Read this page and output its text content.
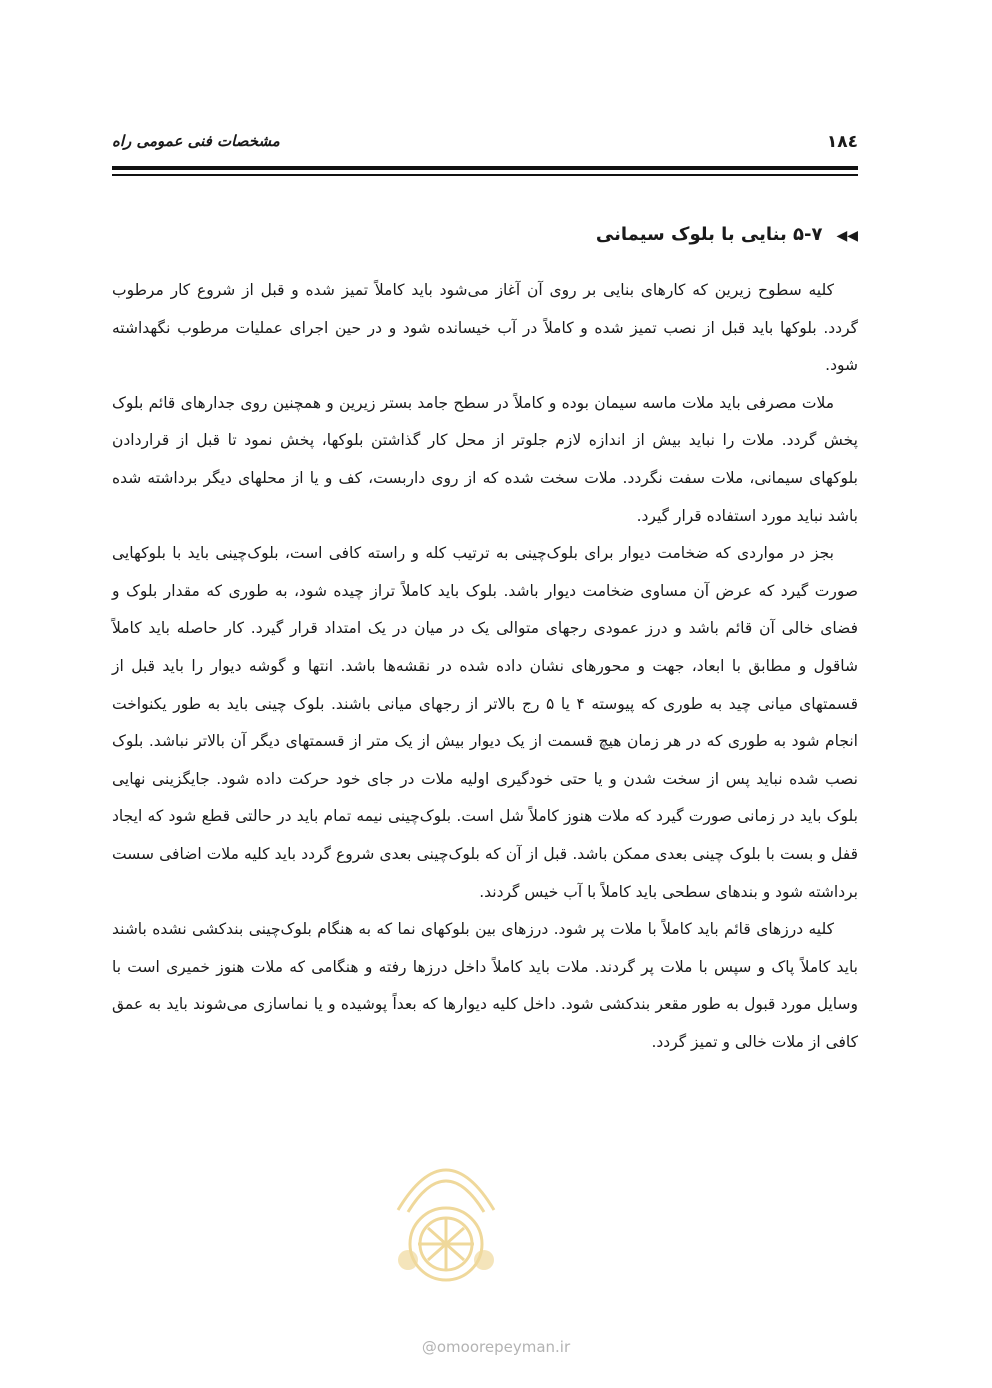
۱۸٤
مشخصات فنی عمومی راه
◀◀۵-۷ بنایی با بلوک سیمانی

کلیه سطوح زیرین که کارهای بنایی بر روی آن آغاز می‌شود باید کاملاً تمیز شده و قبل از شروع کار مرطوب گردد. بلوکها باید قبل از نصب تمیز شده و کاملاً در آب خیسانده شود و در حین اجرای عملیات مرطوب نگهداشته شود.

ملات مصرفی باید ملات ماسه سیمان بوده و کاملاً در سطح جامد بستر زیرین و همچنین روی جدارهای قائم بلوک پخش گردد. ملات را نباید بیش از اندازه لازم جلوتر از محل کار گذاشتن بلوکها، پخش نمود تا قبل از قراردادن بلوکهای سیمانی، ملات سفت نگردد. ملات سخت شده که از روی داربست، کف و یا از محلهای دیگر برداشته شده باشد نباید مورد استفاده قرار گیرد.

بجز در مواردی که ضخامت دیوار برای بلوک‌چینی به ترتیب کله و راسته کافی است، بلوک‌چینی باید با بلوکهایی صورت گیرد که عرض آن مساوی ضخامت دیوار باشد. بلوک باید کاملاً تراز چیده شود، به طوری که مقدار بلوک و فضای خالی آن قائم باشد و درز عمودی رجهای متوالی یک در میان در یک امتداد قرار گیرد. کار حاصله باید کاملاً شاقول و مطابق با ابعاد، جهت و محورهای نشان داده شده در نقشه‌ها باشد. انتها و گوشه دیوار را باید قبل از قسمتهای میانی چید به طوری که پیوسته ۴ یا ۵ رج بالاتر از رجهای میانی باشند. بلوک چینی باید به طور یکنواخت انجام شود به طوری که در هر زمان هیچ قسمت از یک دیوار بیش از یک متر از قسمتهای دیگر آن بالاتر نباشد. بلوک نصب شده نباید پس از سخت شدن و یا حتی خودگیری اولیه ملات در جای خود حرکت داده شود. جایگزینی نهایی بلوک باید در زمانی صورت گیرد که ملات هنوز کاملاً شل است. بلوک‌چینی نیمه تمام باید در حالتی قطع شود که ایجاد قفل و بست با بلوک چینی بعدی ممکن باشد. قبل از آن که بلوک‌چینی بعدی شروع گردد باید کلیه ملات اضافی سست برداشته شود و بندهای سطحی باید کاملاً با آب خیس گردند.

کلیه درزهای قائم باید کاملاً با ملات پر شود. درزهای بین بلوکهای نما که به هنگام بلوک‌چینی بندکشی نشده باشند باید کاملاً پاک و سپس با ملات پر گردند. ملات باید کاملاً داخل درزها رفته و هنگامی که ملات هنوز خمیری است با وسایل مورد قبول به طور مقعر بندکشی شود. داخل کلیه دیوارها که بعداً پوشیده و یا نماسازی می‌شوند باید به عمق کافی از ملات خالی و تمیز گردد.

@omoorepeyman.ir
